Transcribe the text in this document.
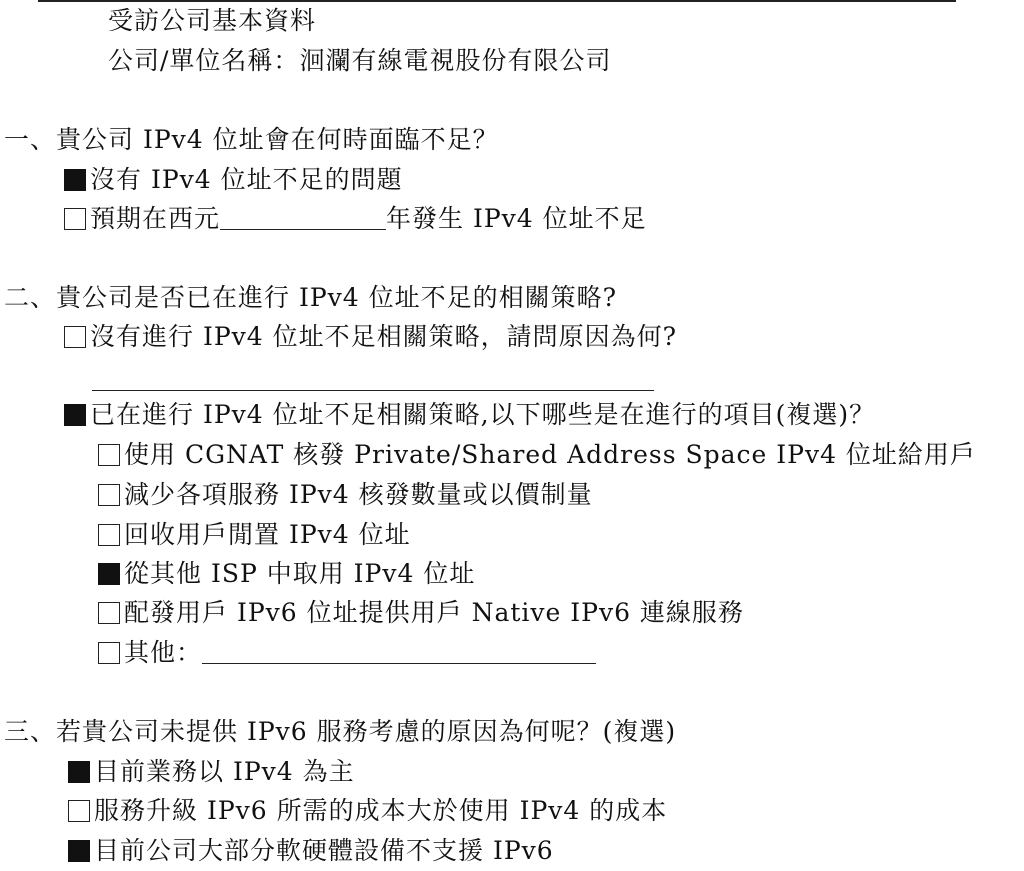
受訪公司基本資料
公司/單位名稱：洄瀾有線電視股份有限公司
一、貴公司 IPv4 位址會在何時面臨不足？
沒有 IPv4 位址不足的問題
預期在西元	年發生 IPv4 位址不足
二、貴公司是否已在進行 IPv4 位址不足的相關策略?
沒有進行 IPv4 位址不足相關策略，請問原因為何?
已在進行 IPv4 位址不足相關策略,以下哪些是在進行的項目(複選)？
使用 CGNAT 核發 Private/Shared Address Space IPv4 位址給用戶
減少各項服務 IPv4 核發數量或以價制量
回收用戶閒置 IPv4 位址
從其他 ISP 中取用 IPv4 位址
配發用戶 IPv6 位址提供用戶 Native IPv6 連線服務
其他：
三、若貴公司未提供 IPv6 服務考慮的原因為何呢？(複選)
目前業務以 IPv4 為主
服務升級 IPv6 所需的成本大於使用 IPv4 的成本
目前公司大部分軟硬體設備不支援 IPv6
